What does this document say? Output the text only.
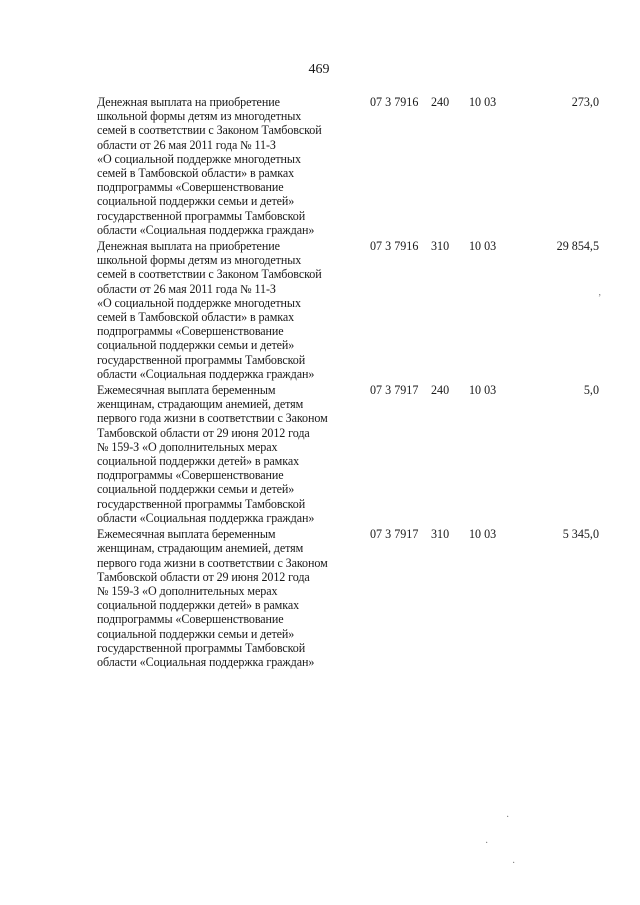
469
Денежная выплата на приобретение
школьной формы детям из многодетных
семей в соответствии с Законом Тамбовской
области от 26 мая 2011 года № 11-З
«О социальной поддержке многодетных
семей в Тамбовской области» в рамках
подпрограммы «Совершенствование
социальной поддержки семьи и детей»
государственной программы Тамбовской
области «Социальная поддержка граждан»
07 3 7916 240 10 03	273,0
Денежная выплата на приобретение
школьной формы детям из многодетных
семей в соответствии с Законом Тамбовской
области от 26 мая 2011 года № 11-З
«О социальной поддержке многодетных
семей в Тамбовской области» в рамках
подпрограммы «Совершенствование
социальной поддержки семьи и детей»
государственной программы Тамбовской
области «Социальная поддержка граждан»
07 3 7916 310 10 03	29 854,5
Ежемесячная выплата беременным
женщинам, страдающим анемией, детям
первого года жизни в соответствии с Законом
Тамбовской области от 29 июня 2012 года
№ 159-З «О дополнительных мерах
социальной поддержки детей» в рамках
подпрограммы «Совершенствование
социальной поддержки семьи и детей»
государственной программы Тамбовской
области «Социальная поддержка граждан»
07 3 7917 240 10 03	5,0
Ежемесячная выплата беременным
женщинам, страдающим анемией, детям
первого года жизни в соответствии с Законом
Тамбовской области от 29 июня 2012 года
№ 159-З «О дополнительных мерах
социальной поддержки детей» в рамках
подпрограммы «Совершенствование
социальной поддержки семьи и детей»
государственной программы Тамбовской
области «Социальная поддержка граждан»
07 3 7917 310 10 03	5 345,0
ʼ
·
·
·
